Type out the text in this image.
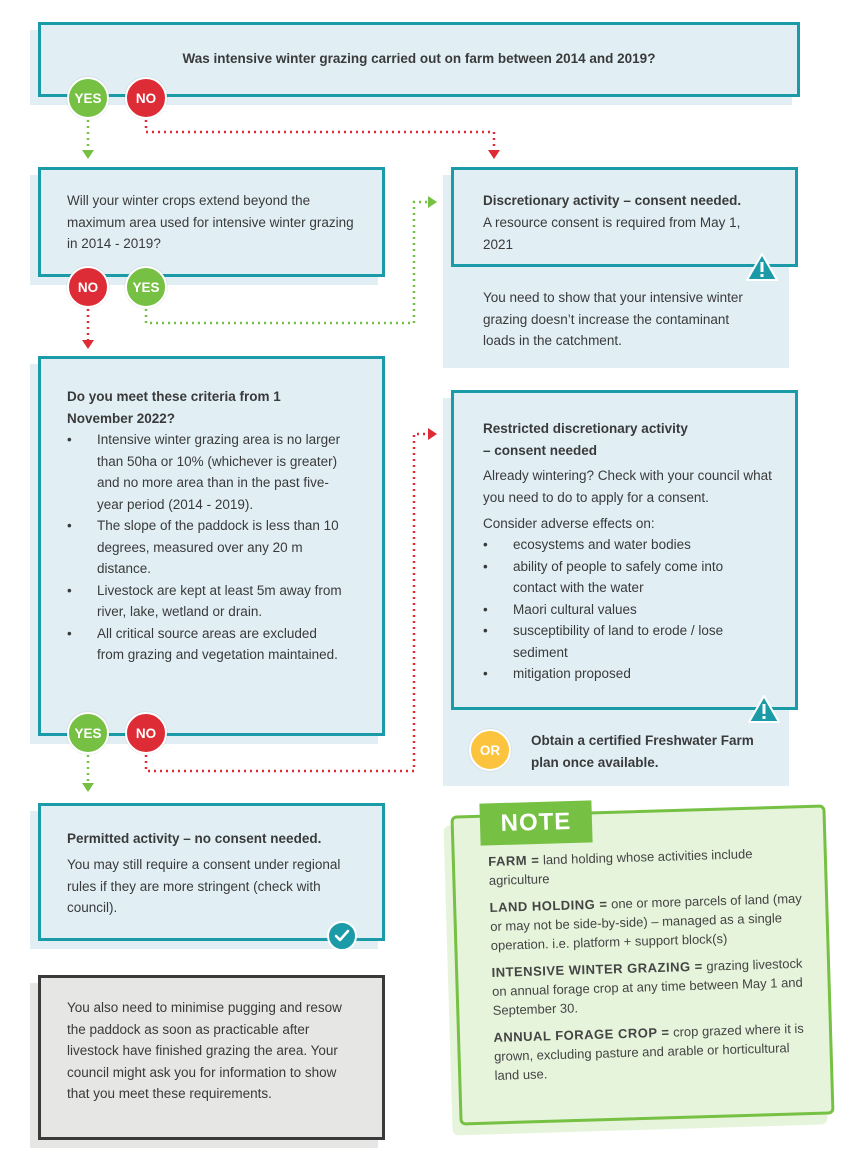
Was intensive winter grazing carried out on farm between 2014 and 2019?
YES	NO
Will your winter crops extend beyond the maximum area used for intensive winter grazing in 2014 - 2019?
NO	YES
Discretionary activity – consent needed.
A resource consent is required from May 1, 2021
You need to show that your intensive winter grazing doesn’t increase the contaminant loads in the catchment.
Do you meet these criteria from 1 November 2022?
• Intensive winter grazing area is no larger than 50ha or 10% (whichever is greater) and no more area than in the past five-year period (2014 - 2019).
• The slope of the paddock is less than 10 degrees, measured over any 20 m distance.
• Livestock are kept at least 5m away from river, lake, wetland or drain.
• All critical source areas are excluded from grazing and vegetation maintained.
YES	NO
Restricted discretionary activity
– consent needed
Already wintering? Check with your council what you need to do to apply for a consent.
Consider adverse effects on:
• ecosystems and water bodies
• ability of people to safely come into contact with the water
• Maori cultural values
• susceptibility of land to erode / lose sediment
• mitigation proposed
OR
Obtain a certified Freshwater Farm plan once available.
Permitted activity – no consent needed.
You may still require a consent under regional rules if they are more stringent (check with council).
You also need to minimise pugging and resow the paddock as soon as practicable after livestock have finished grazing the area. Your council might ask you for information to show that you meet these requirements.
NOTE

FARM = land holding whose activities include agriculture

LAND HOLDING = one or more parcels of land (may or may not be side-by-side) – managed as a single operation. i.e. platform + support block(s)

INTENSIVE WINTER GRAZING = grazing livestock on annual forage crop at any time between May 1 and September 30.

ANNUAL FORAGE CROP = crop grazed where it is grown, excluding pasture and arable or horticultural land use.
